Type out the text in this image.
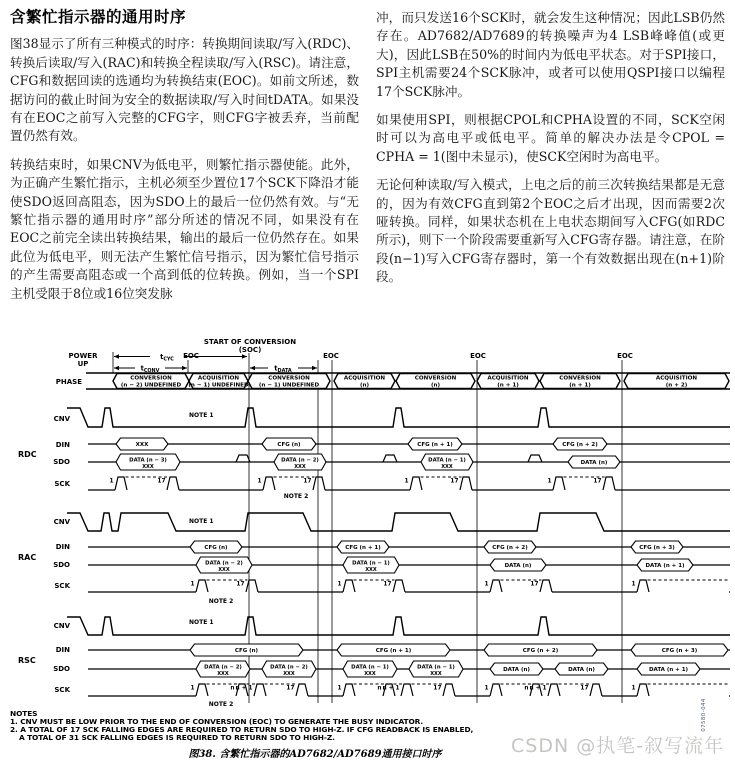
含繁忙指示器的通用时序

图38显示了所有三种模式的时序：转换期间读取/写入(RDC)、转换后读取/写入(RAC)和转换全程读取/写入(RSC)。请注意，CFG和数据回读的选通均为转换结束(EOC)。如前文所述，数据访问的截止时间为安全的数据读取/写入时间tDATA。如果没有在EOC之前写入完整的CFG字，则CFG字被丢弃，当前配置仍然有效。

转换结束时，如果CNV为低电平，则繁忙指示器使能。此外，为正确产生繁忙指示，主机必须至少置位17个SCK下降沿才能使SDO返回高阻态，因为SDO上的最后一位仍然有效。与“无繁忙指示器的通用时序”部分所述的情况不同，如果没有在EOC之前完全读出转换结果，输出的最后一位仍然存在。如果此位为低电平，则无法产生繁忙信号指示，因为繁忙信号指示的产生需要高阻态或一个高到低的位转换。例如，当一个SPI主机受限于8位或16位突发脉

冲，而只发送16个SCK时，就会发生这种情况；因此LSB仍然存在。AD7682/AD7689的转换噪声为4 LSB峰峰值(或更大)，因此LSB在50%的时间内为低电平状态。对于SPI接口，SPI主机需要24个SCK脉冲，或者可以使用QSPI接口以编程17个SCK脉冲。

如果使用SPI，则根据CPOL和CPHA设置的不同，SCK空闲时可以为高电平或低电平。简单的解决办法是令CPOL = CPHA = 1(图中未显示)，使SCK空闲时为高电平。

无论何种读取/写入模式，上电之后的前三次转换结果都是无意的，因为有效CFG直到第2个EOC之后才出现，因而需要2次哑转换。同样，如果状态机在上电状态期间写入CFG(如RDC所示)，则下一个阶段需要重新写入CFG寄存器。请注意，在阶段(n−1)写入CFG寄存器时，第一个有效数据出现在(n+1)阶段。

CONVERSION
(n − 2) UNDEFINED
ACQUISITION
(n − 1) UNDEFINED
CONVERSION
(n − 1) UNDEFINED
ACQUISITION
(n)
CONVERSION
(n)
ACQUISITION
(n + 1)
CONVERSION
(n + 1)
ACQUISITION
(n + 2)
$t_{CYC}$
$t_{CONV}$	$t_{DATA}$
XXX	CFG (n)	CFG (n + 1)	CFG (n + 2)
DATA (n − 3)
XXX
DATA (n − 2)
XXX
DATA (n − 1)
XXX
DATA (n)
CFG (n)	CFG (n + 1)	CFG (n + 2)	CFG (n + 3)
DATA (n − 2)
XXX
DATA (n − 1)
XXX
DATA (n)	DATA (n + 1)
CFG (n)	CFG (n + 1)	CFG (n + 2)	CFG (n + 3)
DATA (n − 2)
XXX
DATA (n − 2)
XXX
DATA (n − 1)
XXX
DATA (n − 1)
XXX
DATA (n)	DATA (n)	DATA (n + 1)
1	17	1	17	1	17	1	17
1	17	1	17	1	17	1
1	n n + 1	17	1	n n + 1	17	1	n n + 1	17	1
START OF CONVERSION
(SOC)
POWER
UP
EOC	EOC	EOC	EOC
PHASE
CNV
DIN
SDO
SCK
RDC
NOTE 1
NOTE 2
CNV
DIN
SDO
SCK
RAC
NOTE 1
NOTE 2
CNV
DIN
SDO
SCK
RSC
NOTE 1
NOTE 2
NOTES
1. CNV MUST BE LOW PRIOR TO THE END OF CONVERSION (EOC) TO GENERATE THE BUSY INDICATOR.
2. A TOTAL OF 17 SCK FALLING EDGES ARE REQUIRED TO RETURN SDO TO HIGH-Z. IF CFG READBACK IS ENABLED,
A TOTAL OF 31 SCK FALLING EDGES IS REQUIRED TO RETURN SDO TO HIGH-Z.
图38. 含繁忙指示器的AD7682/AD7689通用接口时序
07580-044
CSDN @执笔-叙写流年
